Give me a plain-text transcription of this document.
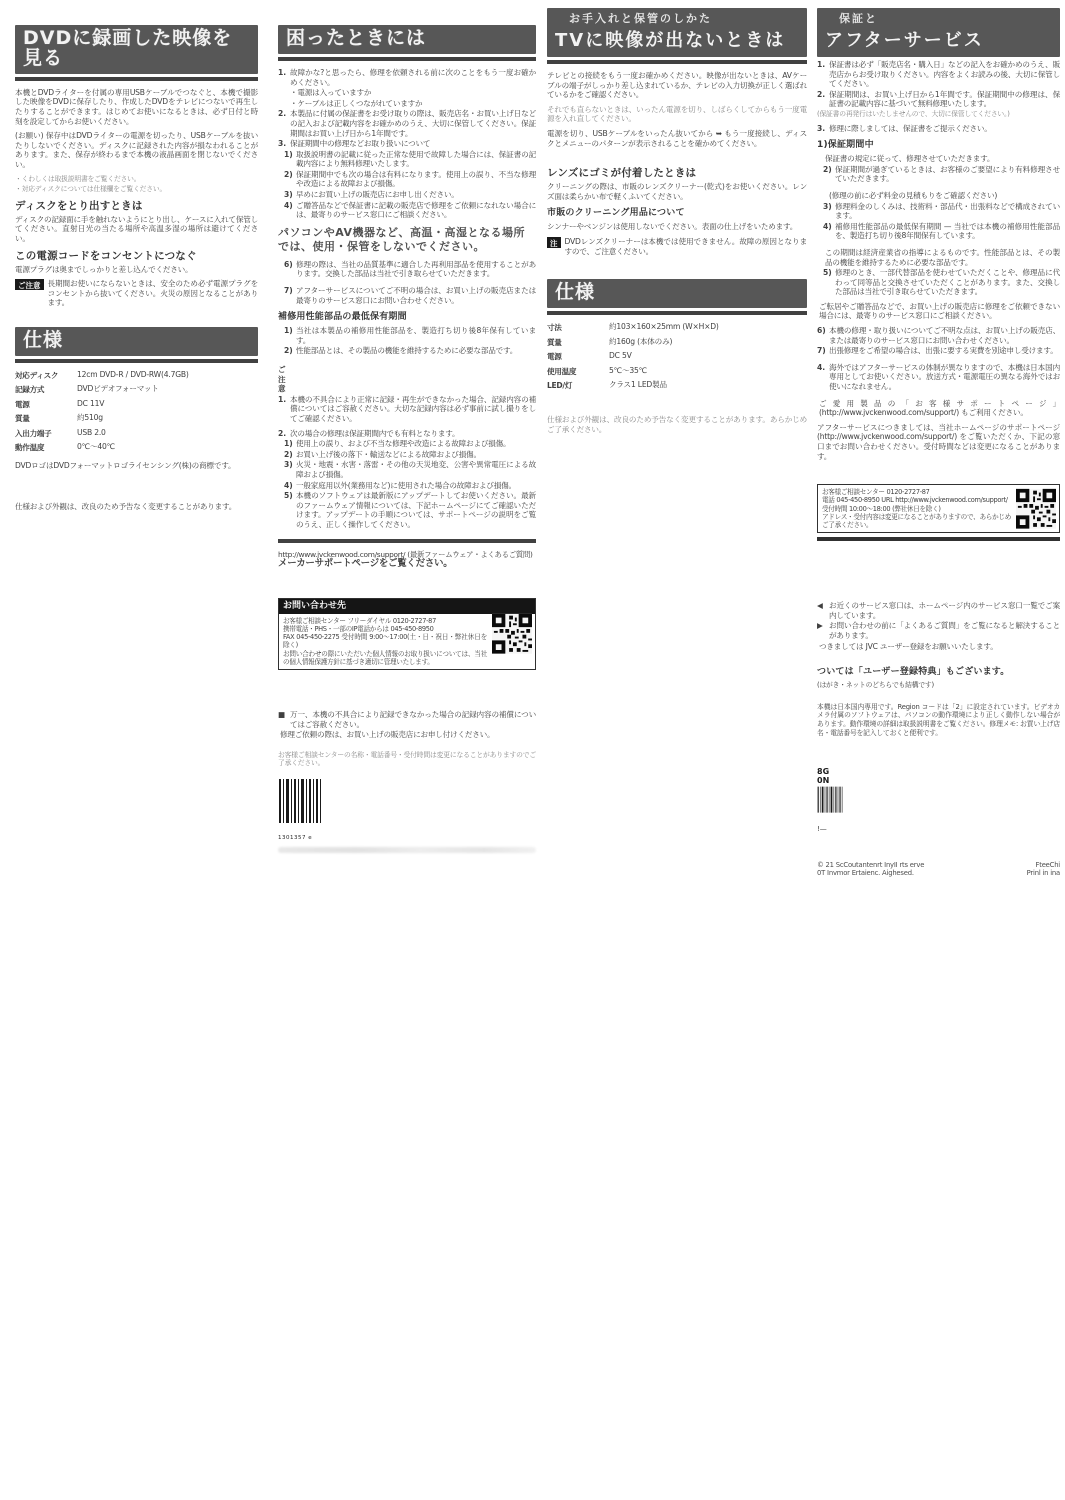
DVDに録画した映像を見る
本機とDVDライターを付属の専用USBケーブルでつなぐと、本機で撮影した映像をDVDに保存したり、作成したDVDをテレビにつないで再生したりすることができます。はじめてお使いになるときは、必ず日付と時刻を設定してからお使いください。
(お願い) 保存中はDVDライターの電源を切ったり、USBケーブルを抜いたりしないでください。ディスクに記録された内容が損なわれることがあります。また、保存が終わるまで本機の液晶画面を閉じないでください。
・くわしくは取扱説明書をご覧ください。
・対応ディスクについては仕様欄をご覧ください。
ディスクをとり出すときは
ディスクの記録面に手を触れないようにとり出し、ケースに入れて保管してください。直射日光の当たる場所や高温多湿の場所は避けてください。
この電源コードをコンセントにつなぐ
電源プラグは奥までしっかりと差し込んでください。
ご注意 長期間お使いにならないときは、安全のため必ず電源プラグをコンセントから抜いてください。火災の原因となることがあります。
仕様
対応ディスク	12cm DVD-R / DVD-RW(4.7GB)
記録方式	DVDビデオフォーマット
電源	DC 11V
質量	約510g
入出力端子	USB 2.0
動作温度	0℃〜40℃
DVDロゴはDVDフォーマットロゴライセンシング(株)の商標です。
仕様および外観は、改良のため予告なく変更することがあります。
困ったときには
1. 故障かな?と思ったら、修理を依頼される前に次のことをもう一度お確かめください。
・電源は入っていますか
・ケーブルは正しくつながれていますか
2. 本製品に付属の保証書をお受け取りの際は、販売店名・お買い上げ日などの記入および記載内容をお確かめのうえ、大切に保管してください。保証期間はお買い上げ日から1年間です。
3. 保証期間中の修理などお取り扱いについて
1) 取扱説明書の記載に従った正常な使用で故障した場合には、保証書の記載内容により無料修理いたします。
2) 保証期間中でも次の場合は有料になります。使用上の誤り、不当な修理や改造による故障および損傷。
3) 早めにお買い上げの販売店にお申し出ください。
4) ご贈答品などで保証書に記載の販売店で修理をご依頼になれない場合には、最寄りのサービス窓口にご相談ください。
パソコンやAV機器など、高温・高湿となる場所では、使用・保管をしないでください。
6) 修理の際は、当社の品質基準に適合した再利用部品を使用することがあります。交換した部品は当社で引き取らせていただきます。
7) アフターサービスについてご不明の場合は、お買い上げの販売店または最寄りのサービス窓口にお問い合わせください。
補修用性能部品の最低保有期間
1) 当社は本製品の補修用性能部品を、製造打ち切り後8年保有しています。
2) 性能部品とは、その製品の機能を維持するために必要な部品です。
ご注意
1. 本機の不具合により正常に記録・再生ができなかった場合、記録内容の補償についてはご容赦ください。大切な記録内容は必ず事前に試し撮りをしてご確認ください。
2. 次の場合の修理は保証期間内でも有料となります。
1) 使用上の誤り、および不当な修理や改造による故障および損傷。
2) お買い上げ後の落下・輸送などによる故障および損傷。
3) 火災・地震・水害・落雷・その他の天災地変、公害や異常電圧による故障および損傷。
4) 一般家庭用以外(業務用など)に使用された場合の故障および損傷。
5) 本機のソフトウェアは最新版にアップデートしてお使いください。最新のファームウェア情報については、下記ホームページにてご確認いただけます。アップデートの手順については、サポートページの説明をご覧のうえ、正しく操作してください。
http://www.jvckenwood.com/support/ (最新ファームウェア・よくあるご質問)
メーカーサポートページをご覧ください。
お問い合わせ先
お客様ご相談センター フリーダイヤル 0120-2727-87
携帯電話・PHS・一部のIP電話からは 045-450-8950
FAX 045-450-2275 受付時間 9:00〜17:00(土・日・祝日・弊社休日を除く)
お問い合わせの際にいただいた個人情報のお取り扱いについては、当社の個人情報保護方針に基づき適切に管理いたします。
■ 万一、本機の不具合により記録できなかった場合の記録内容の補償についてはご容赦ください。
修理ご依頼の際は、お買い上げの販売店にお申し付けください。
お客様ご相談センターの名称・電話番号・受付時間は変更になることがありますのでご了承ください。
1301357 e
お手入れと保管のしかた
TVに映像が出ないときは
テレビとの接続をもう一度お確かめください。映像が出ないときは、AVケーブルの端子がしっかり差し込まれているか、テレビの入力切換が正しく選ばれているかをご確認ください。
それでも直らないときは、いったん電源を切り、しばらくしてからもう一度電源を入れ直してください。
電源を切り、USBケーブルをいったん抜いてから ➥ もう一度接続し、ディスクとメニューのパターンが表示されることを確かめてください。
レンズにゴミが付着したときは
クリーニングの際は、市販のレンズクリーナー(乾式)をお使いください。レンズ面は柔らかい布で軽くふいてください。
市販のクリーニング用品について
シンナーやベンジンは使用しないでください。表面の仕上げをいためます。
注 DVDレンズクリーナーは本機では使用できません。故障の原因となりますので、ご注意ください。
仕様
寸法	約103×160×25mm (W×H×D)
質量	約160g (本体のみ)
電源	DC 5V
使用温度	5℃〜35℃
LED/灯	クラス1 LED製品
仕様および外観は、改良のため予告なく変更することがあります。あらかじめご了承ください。
保証と
アフターサービス
1. 保証書は必ず「販売店名・購入日」などの記入をお確かめのうえ、販売店からお受け取りください。内容をよくお読みの後、大切に保管してください。
2. 保証期間は、お買い上げ日から1年間です。保証期間中の修理は、保証書の記載内容に基づいて無料修理いたします。
(保証書の再発行はいたしませんので、大切に保管してください。)
3. 修理に際しましては、保証書をご提示ください。
1)保証期間中
保証書の規定に従って、修理させていただきます。
2) 保証期間が過ぎているときは、お客様のご要望により有料修理させていただきます。
(修理の前に必ず料金の見積もりをご確認ください)
3) 修理料金のしくみは、技術料・部品代・出張料などで構成されています。
4) 補修用性能部品の最低保有期間 — 当社では本機の補修用性能部品を、製造打ち切り後8年間保有しています。
この期間は経済産業省の指導によるものです。性能部品とは、その製品の機能を維持するために必要な部品です。
5) 修理のとき、一部代替部品を使わせていただくことや、修理品に代わって同等品と交換させていただくことがあります。また、交換した部品は当社で引き取らせていただきます。
ご転居やご贈答品などで、お買い上げの販売店に修理をご依頼できない場合には、最寄りのサービス窓口にご相談ください。
6) 本機の修理・取り扱いについてご不明な点は、お買い上げの販売店、または最寄りのサービス窓口にお問い合わせください。
7) 出張修理をご希望の場合は、出張に要する実費を別途申し受けます。
4. 海外ではアフターサービスの体制が異なりますので、本機は日本国内専用としてお使いください。放送方式・電源電圧の異なる海外ではお使いになれません。
ご愛用製品の「お客様サポートページ」(http://www.jvckenwood.com/support/) もご利用ください。
アフターサービスにつきましては、当社ホームページのサポートページ (http://www.jvckenwood.com/support/) をご覧いただくか、下記の窓口までお問い合わせください。受付時間などは変更になることがあります。
お客様ご相談センター 0120-2727-87
電話 045-450-8950 URL http://www.jvckenwood.com/support/
受付時間 10:00〜18:00 (弊社休日を除く)
アドレス・受付内容は変更になることがありますので、あらかじめご了承ください。
◀ お近くのサービス窓口は、ホームページ内のサービス窓口一覧でご案内しています。
▶ お問い合わせの前に「よくあるご質問」をご覧になると解決することがあります。
つきましては JVC ユーザー登録をお願いいたします。
ついては「ユーザー登録特典」もございます。
(はがき・ネットのどちらでも結構です)
本機は日本国内専用です。Region コードは「2」に設定されています。ビデオカメラ付属のソフトウェアは、パソコンの動作環境により正しく動作しない場合があります。動作環境の詳細は取扱説明書をご覧ください。修理メモ: お買い上げ店名・電話番号を記入しておくと便利です。
8G
0N
!—
© 21 ScCoutantenrt InyII rts erve
0T Invmor Ertaienc. Aighesed.
FteeChi
Prinl in ina
